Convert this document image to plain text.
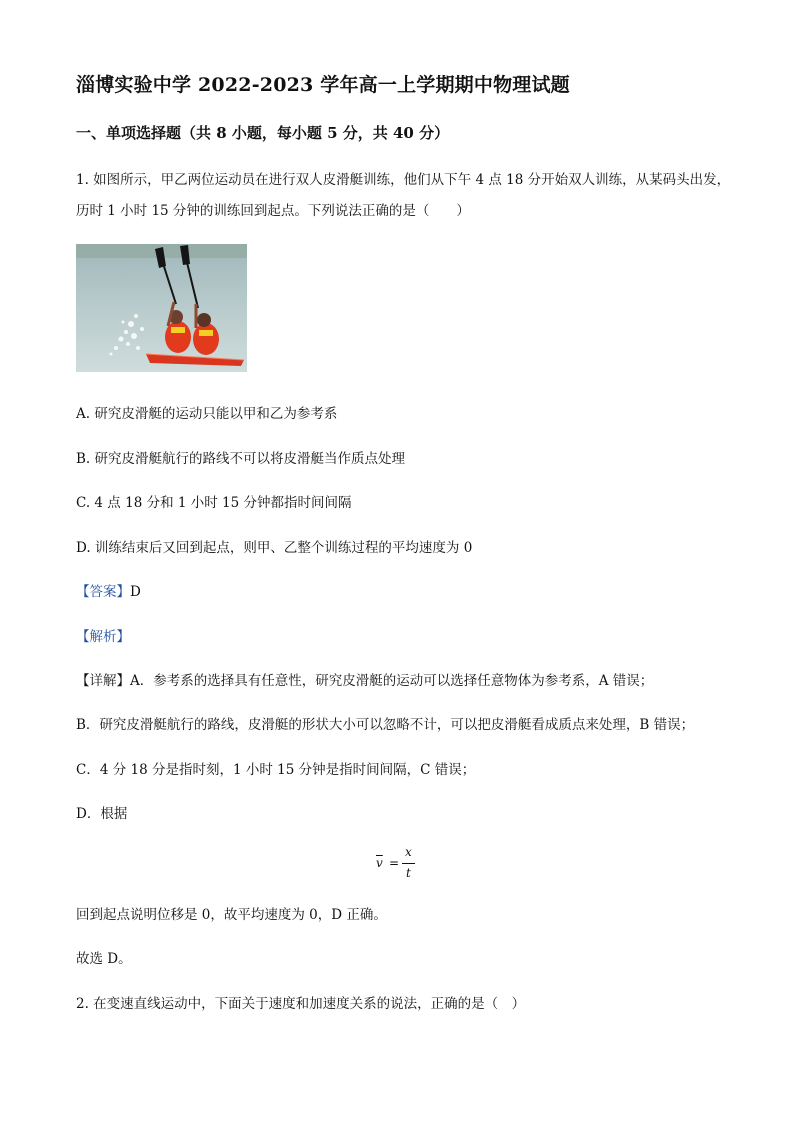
淄博实验中学 2022-2023 学年高一上学期期中物理试题
一、单项选择题（共 8 小题，每小题 5 分，共 40 分）
1. 如图所示，甲乙两位运动员在进行双人皮滑艇训练，他们从下午 4 点 18 分开始双人训练，从某码头出发，
历时 1 小时 15 分钟的训练回到起点。下列说法正确的是（　　）
A. 研究皮滑艇的运动只能以甲和乙为参考系
B. 研究皮滑艇航行的路线不可以将皮滑艇当作质点处理
C. 4 点 18 分和 1 小时 15 分钟都指时间间隔
D. 训练结束后又回到起点，则甲、乙整个训练过程的平均速度为 0
【答案】D
【解析】
【详解】A．参考系的选择具有任意性，研究皮滑艇的运动可以选择任意物体为参考系，A 错误；
B．研究皮滑艇航行的路线，皮滑艇的形状大小可以忽略不计，可以把皮滑艇看成质点来处理，B 错误；
C．4 分 18 分是指时刻，1 小时 15 分钟是指时间间隔，C 错误；
D．根据
$\overline{v}$ =
x
t
回到起点说明位移是 0，故平均速度为 0，D 正确。
故选 D。
2. 在变速直线运动中，下面关于速度和加速度关系的说法，正确的是（　）
